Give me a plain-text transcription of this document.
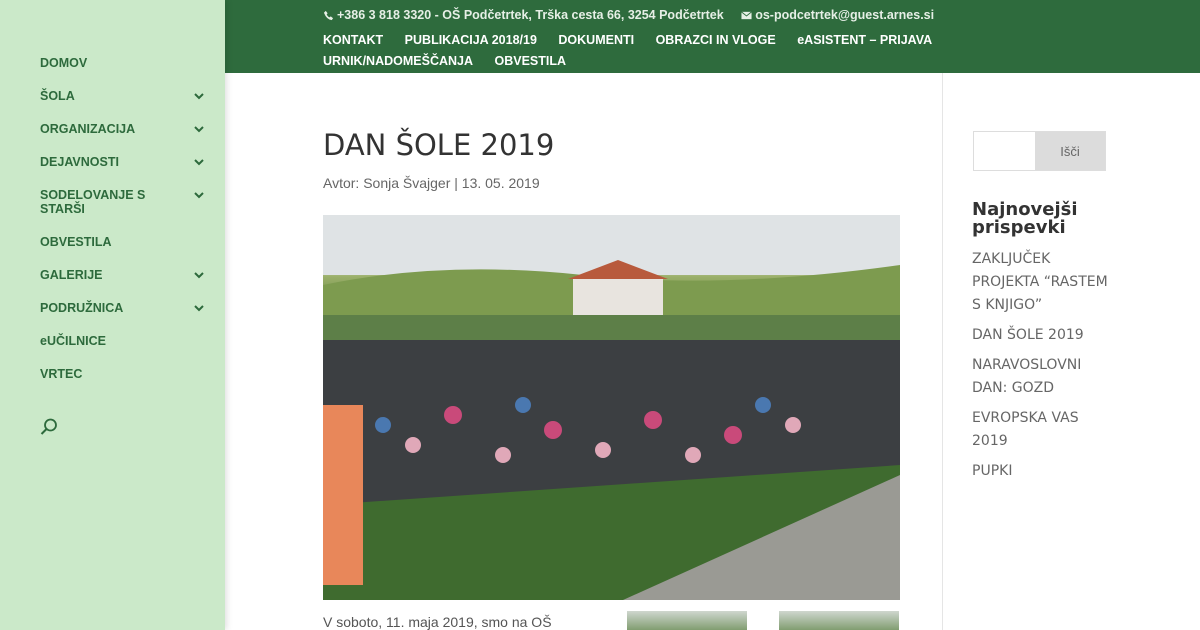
DOMOV
ŠOLA
ORGANIZACIJA
DEJAVNOSTI
SODELOVANJE S STARŠI
OBVESTILA
GALERIJE
PODRUŽNICA
eUČILNICE
VRTEC
+386 3 818 3320 - OŠ Podčetrtek, Trška cesta 66, 3254 Podčetrtek
	os-podcetrtek@guest.arnes.si
KONTAKT PUBLIKACIJA 2018/19 DOKUMENTI OBRAZCI IN VLOGE eASISTENT – PRIJAVA URNIK/NADOMEŠČANJA OBVESTILA
DAN ŠOLE 2019
Avtor: Sonja Švajger | 13. 05. 2019
V soboto, 11. maja 2019, smo na OŠ
Išči
Najnovejši prispevki
ZAKLJUČEK PROJEKTA “RASTEM S KNJIGO”
DAN ŠOLE 2019
NARAVOSLOVNI DAN: GOZD
EVROPSKA VAS 2019
PUPKI
